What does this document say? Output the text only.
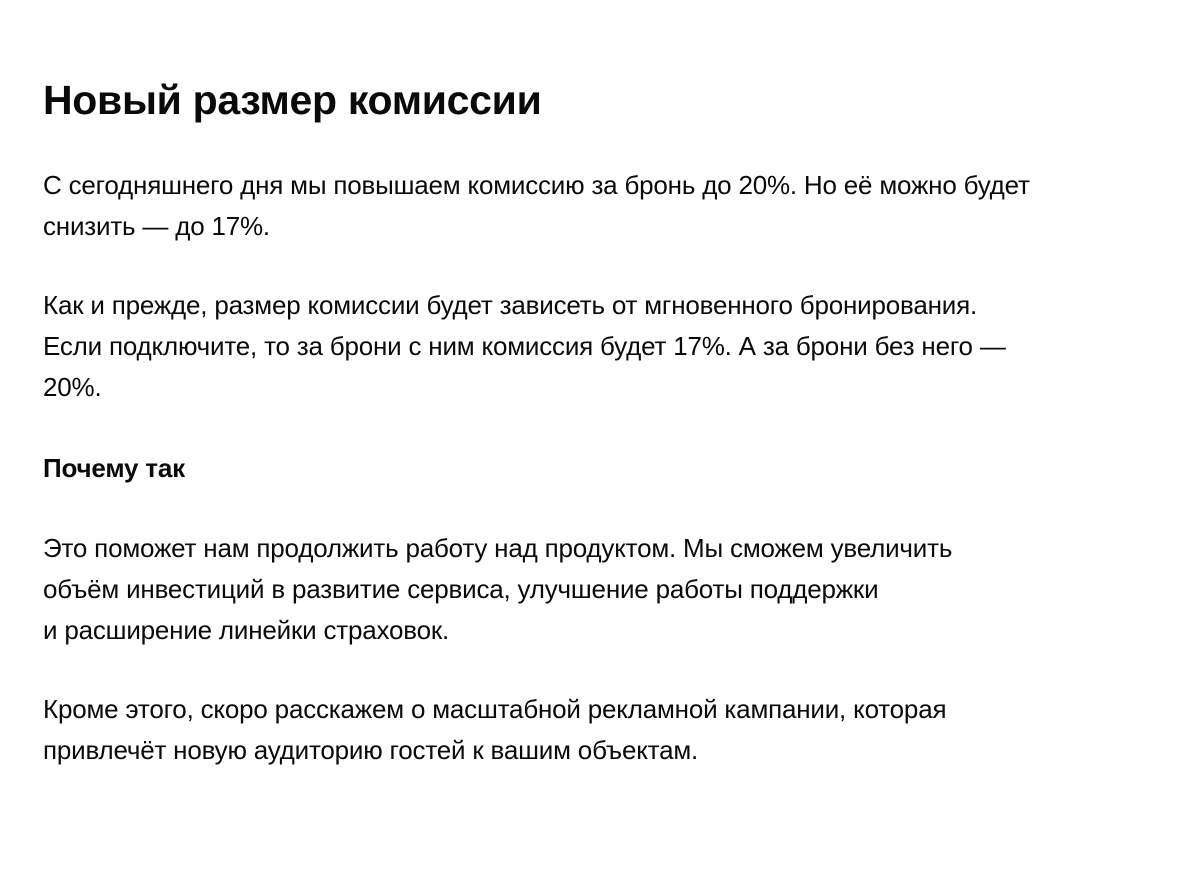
Новый размер комиссии

С сегодняшнего дня мы повышаем комиссию за бронь до 20%. Но её можно будет
снизить — до 17%.

Как и прежде, размер комиссии будет зависеть от мгновенного бронирования.
Если подключите, то за брони с ним комиссия будет 17%. А за брони без него —
20%.

Почему так

Это поможет нам продолжить работу над продуктом. Мы сможем увеличить
объём инвестиций в развитие сервиса, улучшение работы поддержки
и расширение линейки страховок.

Кроме этого, скоро расскажем о масштабной рекламной кампании, которая
привлечёт новую аудиторию гостей к вашим объектам.
